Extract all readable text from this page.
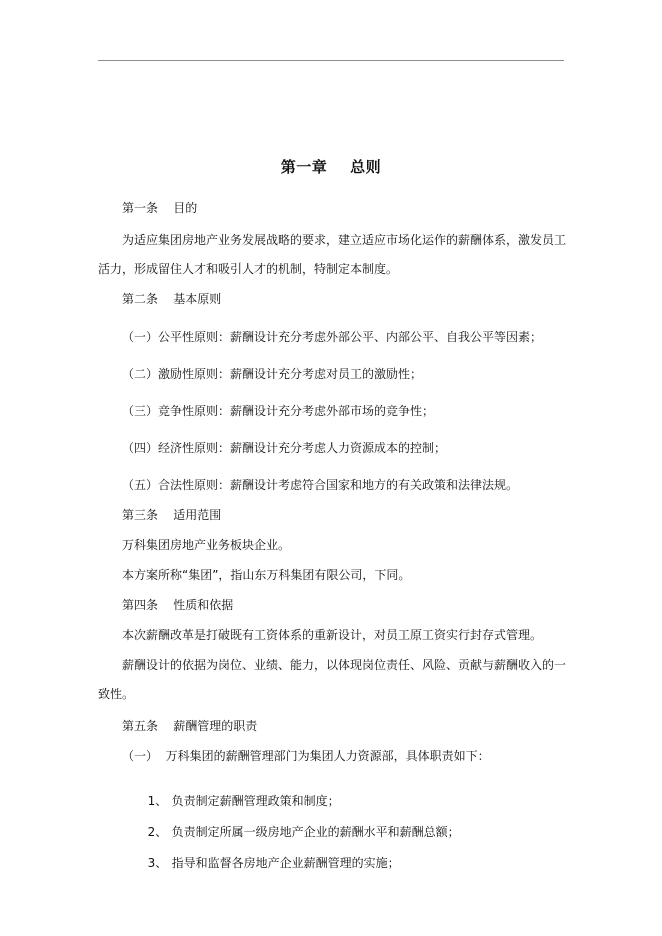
第一章    总则
第一条    目的
为适应集团房地产业务发展战略的要求，建立适应市场化运作的薪酬体系，激发员工
活力，形成留住人才和吸引人才的机制，特制定本制度。
第二条    基本原则
（一）公平性原则：薪酬设计充分考虑外部公平、内部公平、自我公平等因素；
（二）激励性原则：薪酬设计充分考虑对员工的激励性；
（三）竞争性原则：薪酬设计充分考虑外部市场的竞争性；
（四）经济性原则：薪酬设计充分考虑人力资源成本的控制；
（五）合法性原则：薪酬设计考虑符合国家和地方的有关政策和法律法规。
第三条    适用范围
万科集团房地产业务板块企业。
本方案所称“集团”，指山东万科集团有限公司，下同。
第四条    性质和依据
本次薪酬改革是打破既有工资体系的重新设计，对员工原工资实行封存式管理。
薪酬设计的依据为岗位、业绩、能力，以体现岗位责任、风险、贡献与薪酬收入的一
致性。
第五条    薪酬管理的职责
（一）  万科集团的薪酬管理部门为集团人力资源部，具体职责如下：

1、 负责制定薪酬管理政策和制度；

2、 负责制定所属一级房地产企业的薪酬水平和薪酬总额；

3、 指导和监督各房地产企业薪酬管理的实施；
